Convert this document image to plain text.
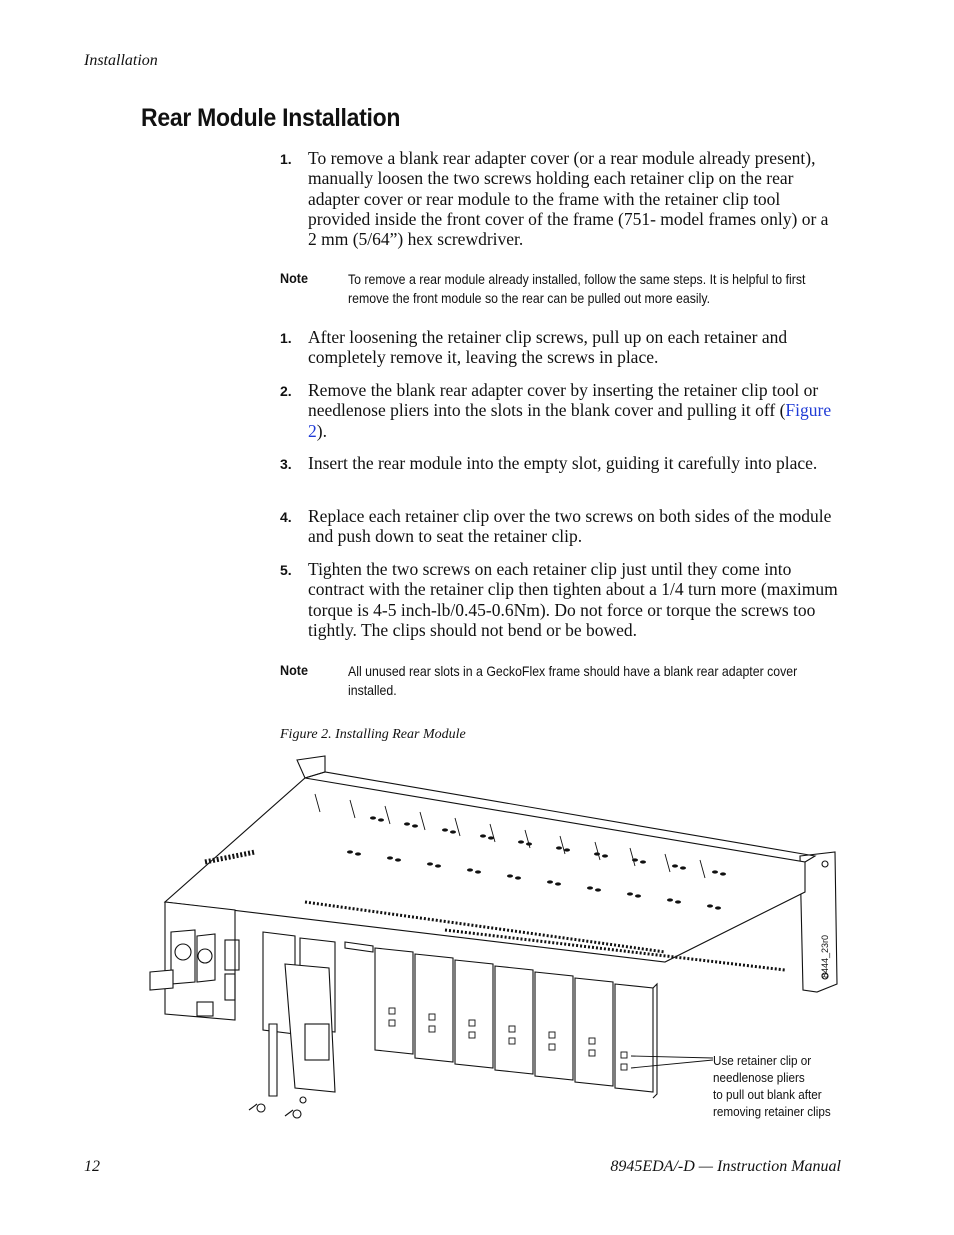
Installation
Rear Module Installation
1. To remove a blank rear adapter cover (or a rear module already present), manually loosen the two screws holding each retainer clip on the rear adapter cover or rear module to the frame with the retainer clip tool provided inside the front cover of the frame (751- model frames only) or a 2 mm (5/64”) hex screwdriver.
Note	To remove a rear module already installed, follow the same steps. It is helpful to first remove the front module so the rear can be pulled out more easily.
1. After loosening the retainer clip screws, pull up on each retainer and completely remove it, leaving the screws in place.
2. Remove the blank rear adapter cover by inserting the retainer clip tool or needlenose pliers into the slots in the blank cover and pulling it off (Figure 2).
3. Insert the rear module into the empty slot, guiding it carefully into place.
4. Replace each retainer clip over the two screws on both sides of the module and push down to seat the retainer clip.
5. Tighten the two screws on each retainer clip just until they come into contract with the retainer clip then tighten about a 1/4 turn more (maximum torque is 4-5 inch-lb/0.45-0.6Nm). Do not force or torque the screws too tightly. The clips should not bend or be bowed.
Note	All unused rear slots in a GeckoFlex frame should have a blank rear adapter cover installed.
Figure 2. Installing Rear Module
8444_23r0
Use retainer clip or
needlenose pliers
to pull out blank after
removing retainer clips
12	8945EDA/-D — Instruction Manual
